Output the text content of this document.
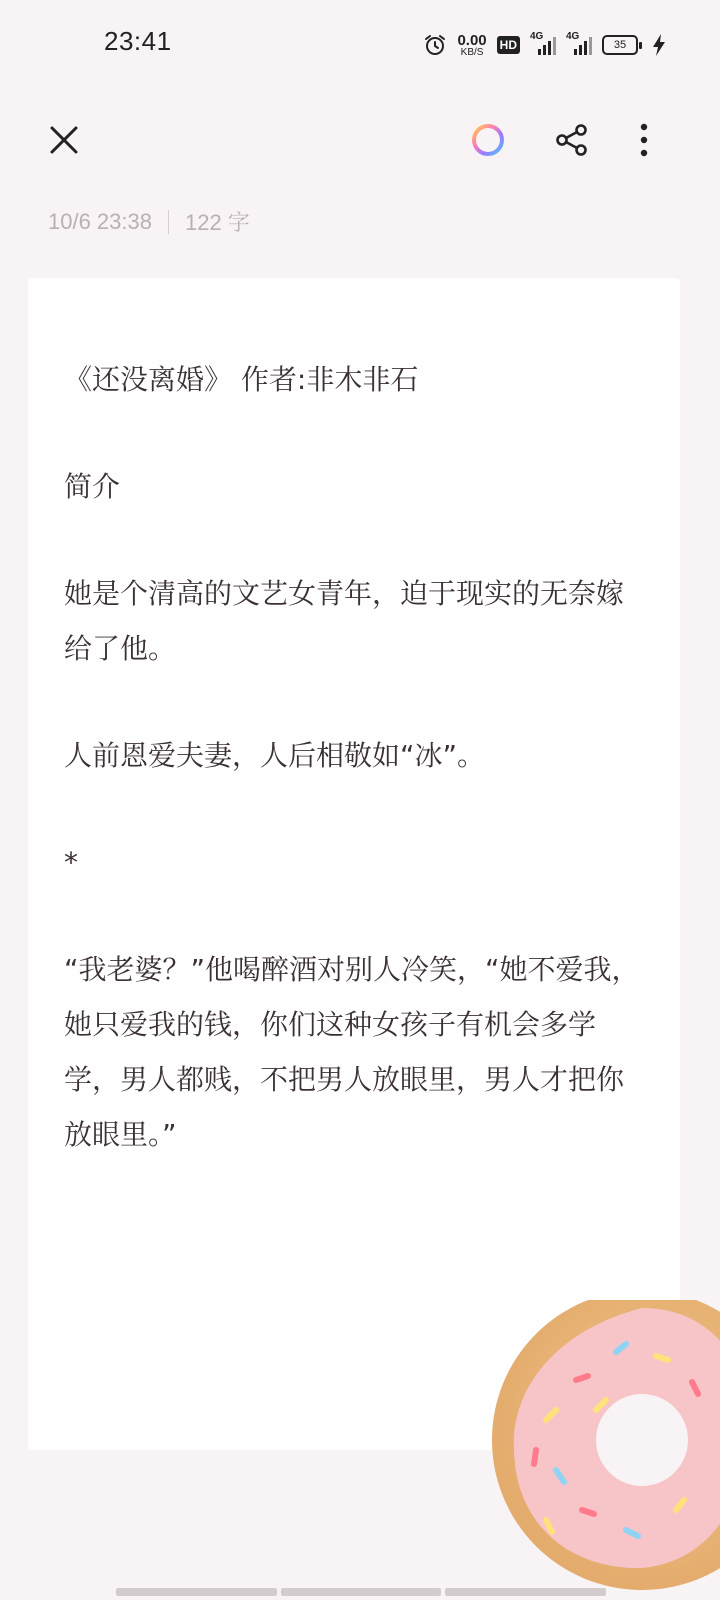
23:41	0.00
KB/S HD
4G 4G
35
10/6 23:38 122 字

《还没离婚》 作者:非木非石

简介

她是个清高的文艺女青年，迫于现实的无奈嫁给了他。

人前恩爱夫妻，人后相敬如“冰”。

*

“我老婆？”他喝醉酒对别人冷笑，“她不爱我，她只爱我的钱，你们这种女孩子有机会多学学，男人都贱，不把男人放眼里，男人才把你放眼里。”
